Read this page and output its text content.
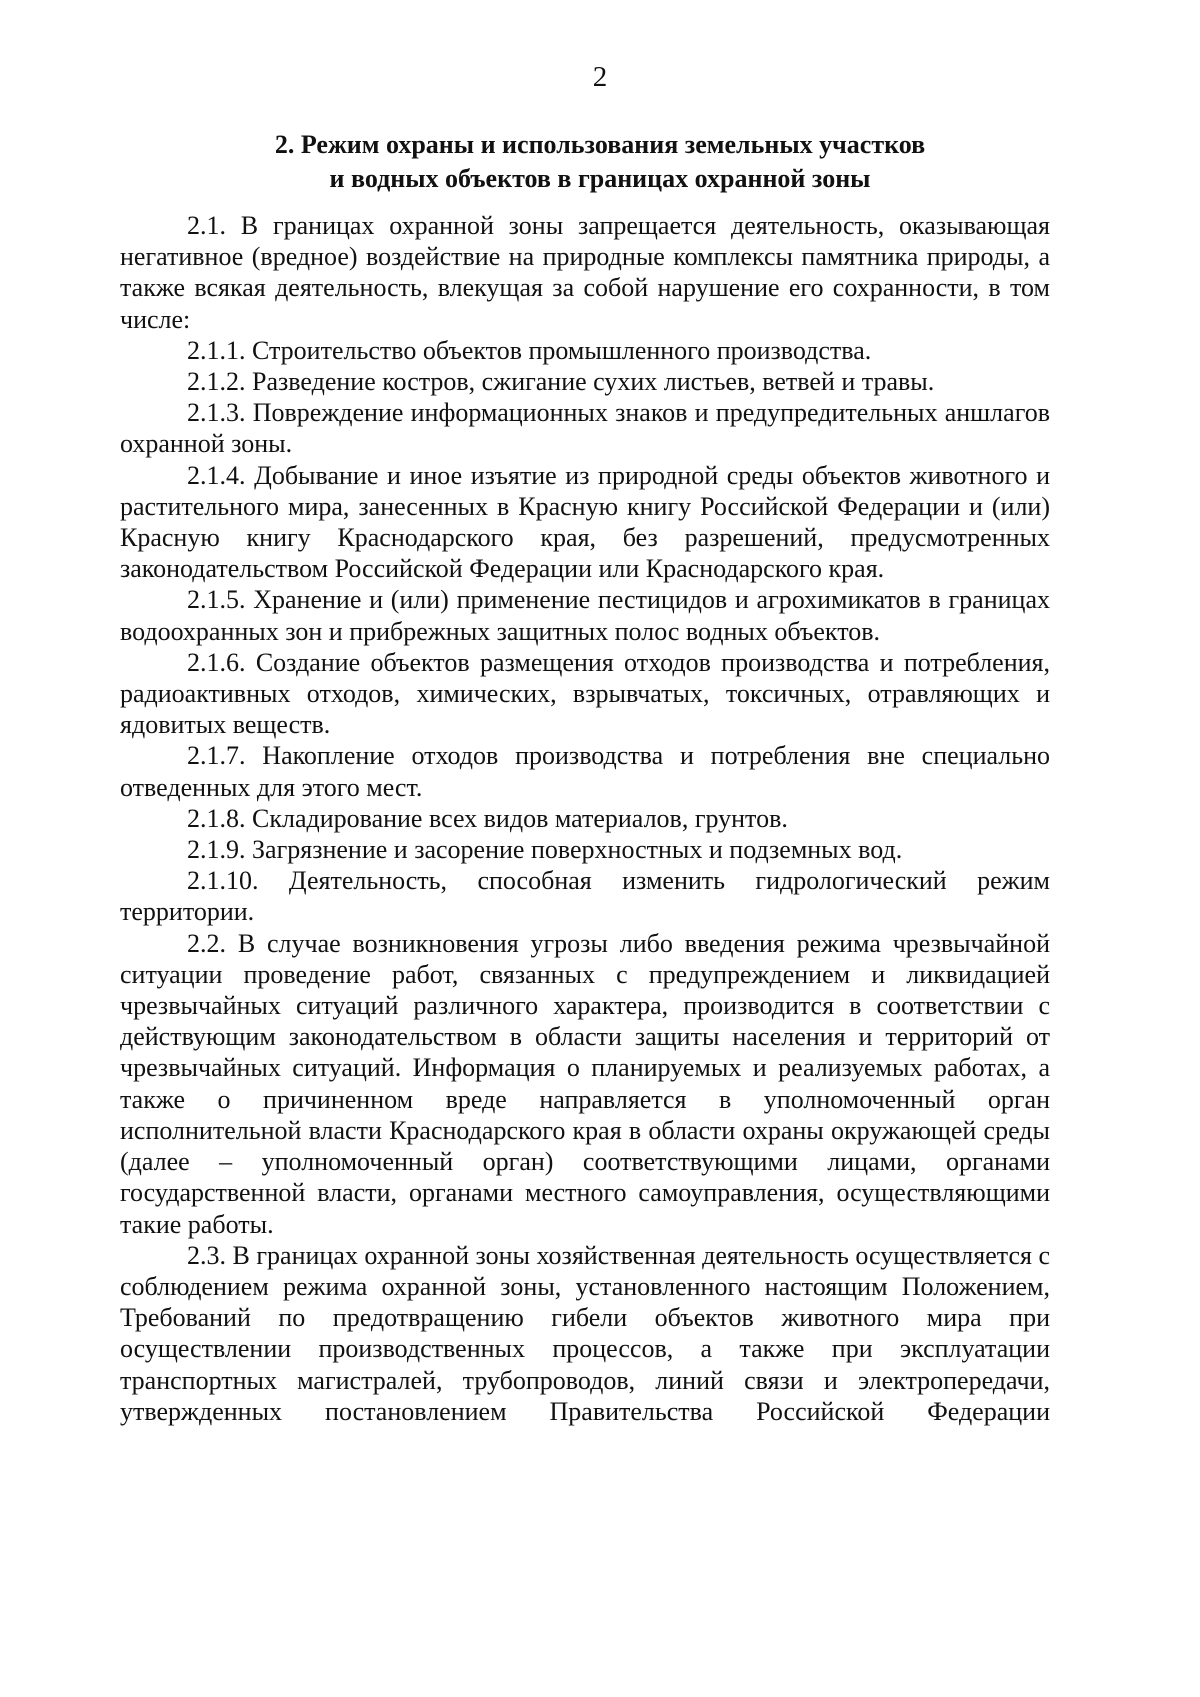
2
2. Режим охраны и использования земельных участков
и водных объектов в границах охранной зоны

2.1. В границах охранной зоны запрещается деятельность, оказывающая негативное (вредное) воздействие на природные комплексы памятника природы, а также всякая деятельность, влекущая за собой нарушение его сохранности, в том числе:

2.1.1. Строительство объектов промышленного производства.

2.1.2. Разведение костров, сжигание сухих листьев, ветвей и травы.

2.1.3. Повреждение информационных знаков и предупредительных аншлагов охранной зоны.

2.1.4. Добывание и иное изъятие из природной среды объектов животного и растительного мира, занесенных в Красную книгу Российской Федерации и (или) Красную книгу Краснодарского края, без разрешений, предусмотренных законодательством Российской Федерации или Краснодарского края.

2.1.5. Хранение и (или) применение пестицидов и агрохимикатов в границах водоохранных зон и прибрежных защитных полос водных объектов.

2.1.6. Создание объектов размещения отходов производства и потребления, радиоактивных отходов, химических, взрывчатых, токсичных, отравляющих и ядовитых веществ.

2.1.7. Накопление отходов производства и потребления вне специально отведенных для этого мест.

2.1.8. Складирование всех видов материалов, грунтов.

2.1.9. Загрязнение и засорение поверхностных и подземных вод.

2.1.10. Деятельность, способная изменить гидрологический режим территории.

2.2. В случае возникновения угрозы либо введения режима чрезвычайной ситуации проведение работ, связанных с предупреждением и ликвидацией чрезвычайных ситуаций различного характера, производится в соответствии с действующим законодательством в области защиты населения и территорий от чрезвычайных ситуаций. Информация о планируемых и реализуемых работах, а также о причиненном вреде направляется в уполномоченный орган исполнительной власти Краснодарского края в области охраны окружающей среды (далее – уполномоченный орган) соответствующими лицами, органами государственной власти, органами местного самоуправления, осуществляющими такие работы.

2.3. В границах охранной зоны хозяйственная деятельность осуществляется с соблюдением режима охранной зоны, установленного настоящим Положением, Требований по предотвращению гибели объектов животного мира при осуществлении производственных процессов, а также при эксплуатации транспортных магистралей, трубопроводов, линий связи и электропередачи, утвержденных постановлением Правительства Российской Федерации
